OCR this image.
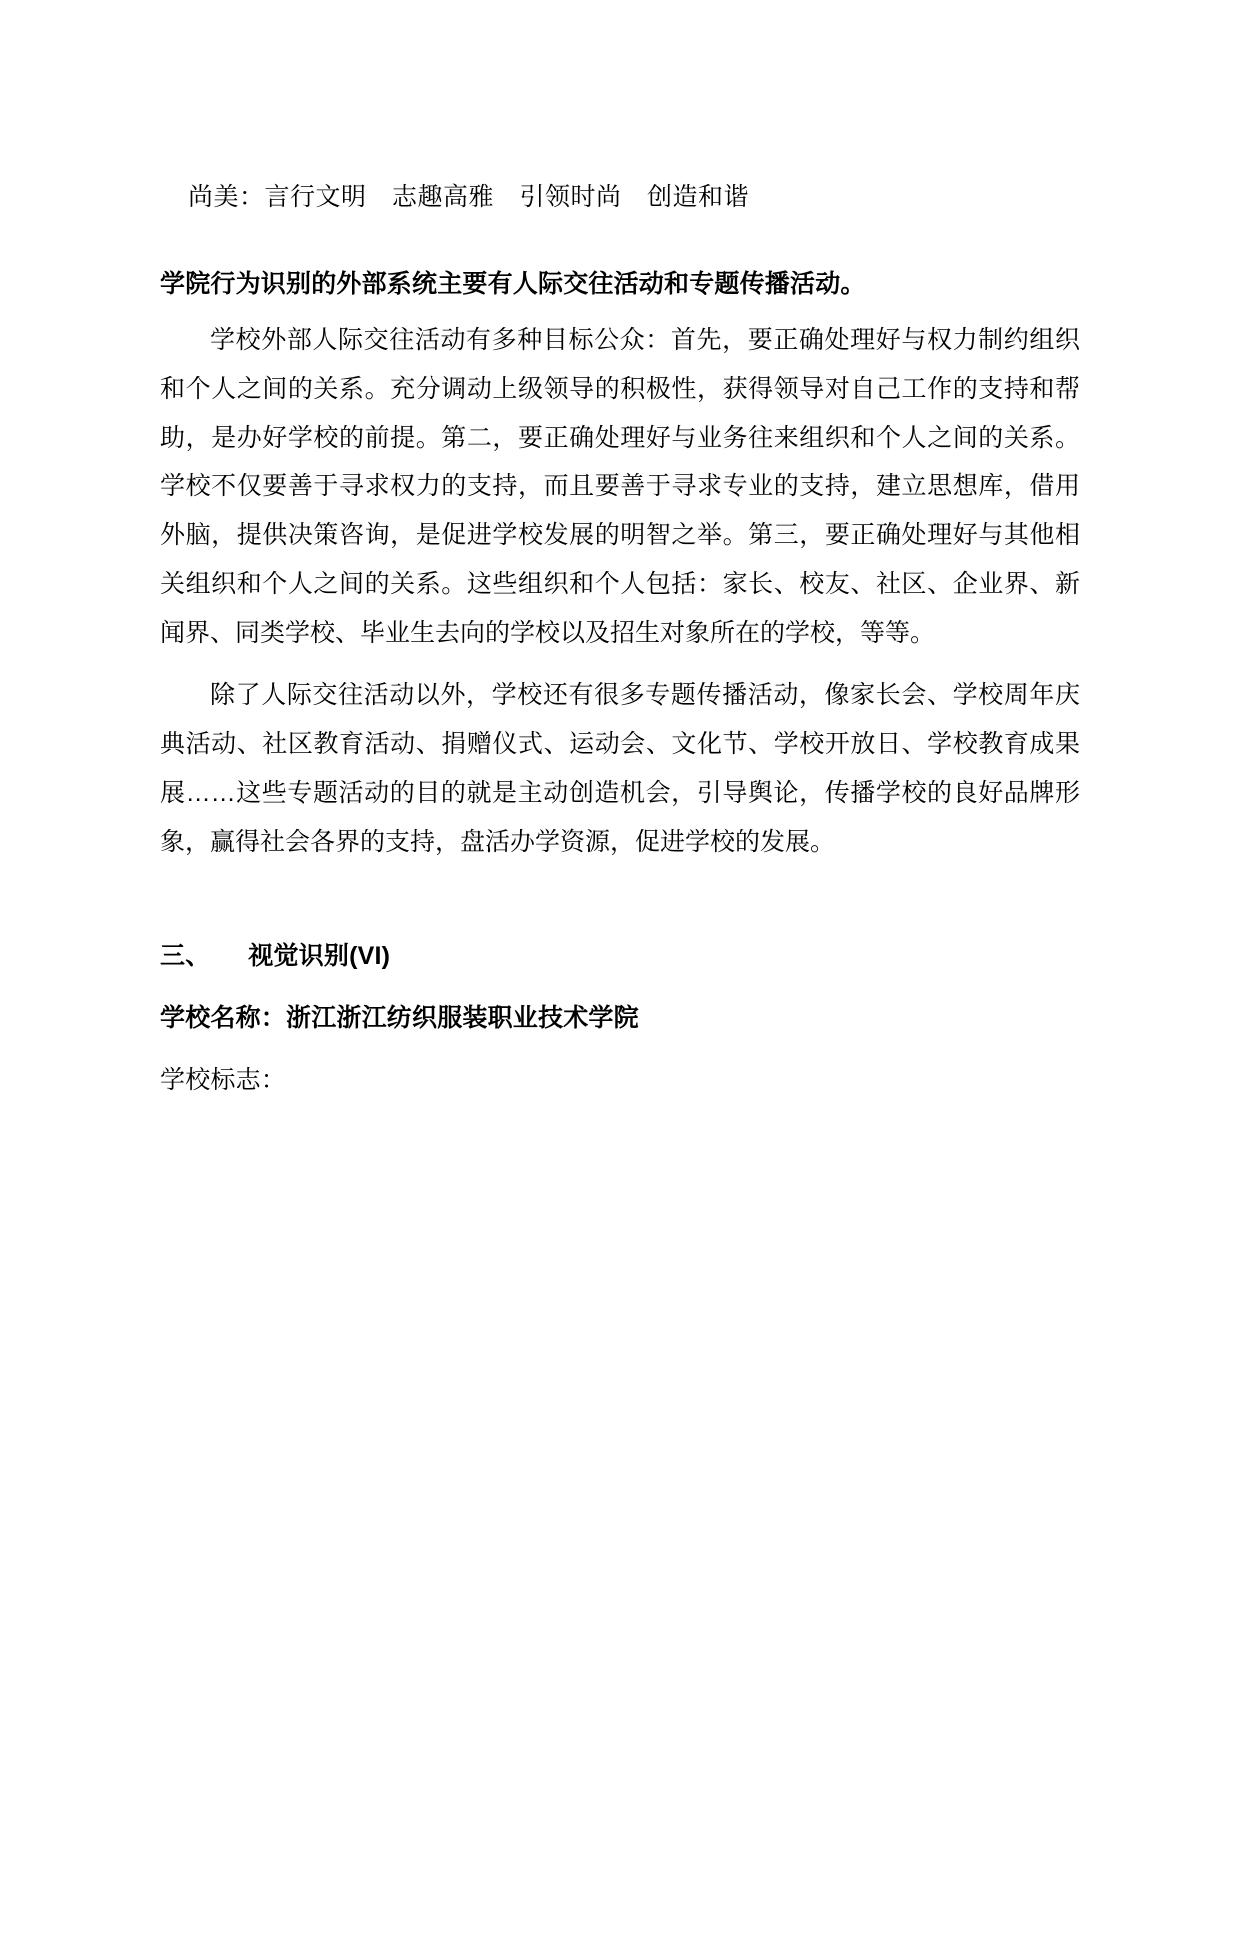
尚美：言行文明　志趣高雅　引领时尚　创造和谐
学院行为识别的外部系统主要有人际交往活动和专题传播活动。
学校外部人际交往活动有多种目标公众：首先，要正确处理好与权力制约组织和个人之间的关系。充分调动上级领导的积极性，获得领导对自己工作的支持和帮助，是办好学校的前提。第二，要正确处理好与业务往来组织和个人之间的关系。学校不仅要善于寻求权力的支持，而且要善于寻求专业的支持，建立思想库，借用外脑，提供决策咨询，是促进学校发展的明智之举。第三，要正确处理好与其他相关组织和个人之间的关系。这些组织和个人包括：家长、校友、社区、企业界、新闻界、同类学校、毕业生去向的学校以及招生对象所在的学校，等等。
除了人际交往活动以外，学校还有很多专题传播活动，像家长会、学校周年庆典活动、社区教育活动、捐赠仪式、运动会、文化节、学校开放日、学校教育成果展……这些专题活动的目的就是主动创造机会，引导舆论，传播学校的良好品牌形象，赢得社会各界的支持，盘活办学资源，促进学校的发展。
三、　　视觉识别(VI)
学校名称：浙江浙江纺织服装职业技术学院
学校标志：
